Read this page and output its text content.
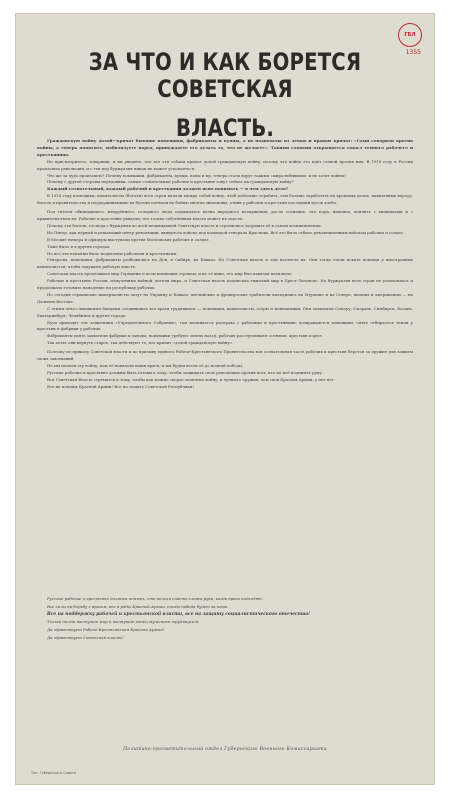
ГБЛ
1355
ЗА ЧТО И КАК БОРЕТСЯ СОВЕТСКАЯ
ВЛАСТЬ.

Гражданскую войну долой—кричат бывшие помещики, фабриканты и купцы, а их подпевалы из левых и правых кричат: «Сами говорили против войны, а теперь помогите, мобилизуете народ, принуждаете его делать то, что не желаете». Такими словами открывается смысл темного рабочего и крестьянина.

Но присмотритесь, товарищи, и вы увидите, что все эти собаки кричат долой гражданскую войну, потому что война эта идёт стеной против них. В 1918 году в России произошла революция, и с тех пор буржуазия никак не может успокоиться.

Что же за чудо произошло? Почему помещики, фабриканты, купцы, попы и пр. теперь стали вдруг такими «миролюбивыми» и не хотят войны?

Почему с другой стороны передовики, самые сознательные рабочие и крестьяне зовут сейчас на гражданскую войну?

Каждый сознательный, каждый рабочий и крестьянин должен ясно понимать — в чем здесь дело?

В 1914 году помещики, капиталисты (богачи) всех стран начали между собой войну, чтоб побольше ограбить, чем больше заработать на кровавых делах, навязанных народу. Власть и правительства и поддерживающие их богачи погнали на бойню многие миллионы, отняв у рабочих и крестьян последний кусок хлеба.

Под гнетом обнищавшего, изнурённого, голодного люда подымалась волна народного возмущения, росло сознание, что пора, наконец, кончить с хищниками и с правительством их. Рабочие и крестьяне увидели, что только собственная власть может их спасти.

Почему эти богачи, господа с буржуями во всей ненавидящей Советскую власть и стремились задушить её в самом возникновении.

На Питер, как первый и решающий центр революции, двинулось войско под командой генерала Краснова. Всё это было отбито революционным войском рабочих и солдат.

В Москве юнкера и офицеры выступали против Московских рабочих и солдат.

Тоже было и в других городах.

Но все эти попытки было подавлены рабочими и крестьянами.

Генералы, помещики, фабриканты разбежались на Дон, в Сибирь, на Кавказ. Но Советская власть и там настигла их. Они тогда стали искать помощи у иностранных капиталистов, чтобы задушить рабочую власть.

Советская власть предложила мир Германии и всем воюющим странам, и не её вина, что мир был навязан насилием.

Рабочие и крестьяне России, измученные войной, хотели мира, и Советская власть подписала тяжелый мир в Брест-Литовске. Но буржуазия всех стран не успокоилась и продолжала готовить нападение на республику рабочих.

Но сегодня германские империалисты лезут на Украину и Кавказ, английские и французские грабители высадились на Мурмане и на Севере, японцы и американцы — на Дальнем Востоке.

С этими чехо-словацкими бандами соединились все враги трудящихся — помещики, капиталисты, эсеры и меньшевики. Они захватили Самару, Сызрань, Симбирск, Казань, Екатеринбург, Челябинск и другие города.

Куда приходят эти защитники «Учредительного Собрания», там начинается расправа с рабочими и крестьянами, возвращаются помещики, опять отбирается земля у крестьян и фабрики у рабочих.

Фабриканты опять захватили фабрики и заводы, помещики требуют землю назад, рабочих расстреливают сотнями, крестьян порют.

Так хотят они вернуть старое, так действуют те, кто кричит «долой гражданскую войну».

Поэтому по приказу Советской власти и по призыву единого Рабоче-Крестьянского Правительства вся сознательная часть рабочих и крестьян берется за оружие для защиты своих завоеваний.

Не мы начали эту войну, нам её навязали наши враги, и мы будем вести её до полной победы.

Русские рабочие и крестьяне должны быть готовы к тому, чтобы защищать свою революцию против всех, кто на неё поднимет руку.

Вся Советская Власть стремится к тому, чтобы как можно скорее окончить войну, и лучшего оружия, чем своя Красная Армия, у нее нет.

Все на помощь Красной Армии! Все на защиту Советской Республики!

Русские рабочие и крестьяне должны понять, что нельзя сидеть сложа руки, когда враги подходят.

Все силы на борьбу с врагом, все в ряды Красной Армии, тогда победа будет за нами.

Все на поддержку рабочей и крестьянской власти, все на защиту социалистического отечества!

Только тогда наступит мир и наступит конец мучениям трудящихся.

Да здравствует Рабоче-Крестьянская Красная Армия!

Да здравствует Советская власть!

Политико-просветительный отдел Губернского Военного Комиссариата
Тип. Губернского Совета
